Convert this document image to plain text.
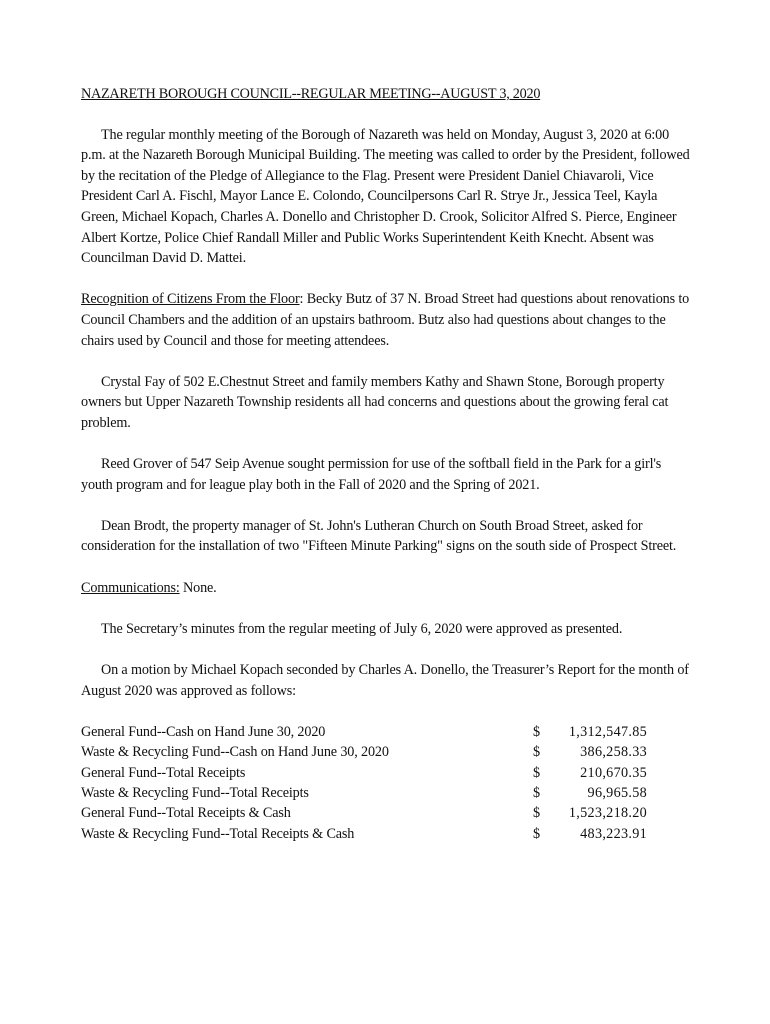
NAZARETH BOROUGH COUNCIL--REGULAR MEETING--AUGUST 3, 2020

The regular monthly meeting of the Borough of Nazareth was held on Monday, August 3, 2020 at 6:00 p.m. at the Nazareth Borough Municipal Building. The meeting was called to order by the President, followed by the recitation of the Pledge of Allegiance to the Flag. Present were President Daniel Chiavaroli, Vice President Carl A. Fischl, Mayor Lance E. Colondo, Councilpersons Carl R. Strye Jr., Jessica Teel, Kayla Green, Michael Kopach, Charles A. Donello and Christopher D. Crook, Solicitor Alfred S. Pierce, Engineer Albert Kortze, Police Chief Randall Miller and Public Works Superintendent Keith Knecht. Absent was Councilman David D. Mattei.

Recognition of Citizens From the Floor: Becky Butz of 37 N. Broad Street had questions about renovations to Council Chambers and the addition of an upstairs bathroom. Butz also had questions about changes to the chairs used by Council and those for meeting attendees.

Crystal Fay of 502 E.Chestnut Street and family members Kathy and Shawn Stone, Borough property owners but Upper Nazareth Township residents all had concerns and questions about the growing feral cat problem.

Reed Grover of 547 Seip Avenue sought permission for use of the softball field in the Park for a girl's youth program and for league play both in the Fall of 2020 and the Spring of 2021.

Dean Brodt, the property manager of St. John's Lutheran Church on South Broad Street, asked for consideration for the installation of two "Fifteen Minute Parking" signs on the south side of Prospect Street.

Communications: None.

The Secretary’s minutes from the regular meeting of July 6, 2020 were approved as presented.

On a motion by Michael Kopach seconded by Charles A. Donello, the Treasurer’s Report for the month of August 2020 was approved as follows:

General Fund--Cash on Hand June 30, 2020	$ 1,312,547.85
Waste & Recycling Fund--Cash on Hand June 30, 2020	$	386,258.33
General Fund--Total Receipts	$	210,670.35
Waste & Recycling Fund--Total Receipts	$	96,965.58
General Fund--Total Receipts & Cash	$ 1,523,218.20
Waste & Recycling Fund--Total Receipts & Cash	$	483,223.91
